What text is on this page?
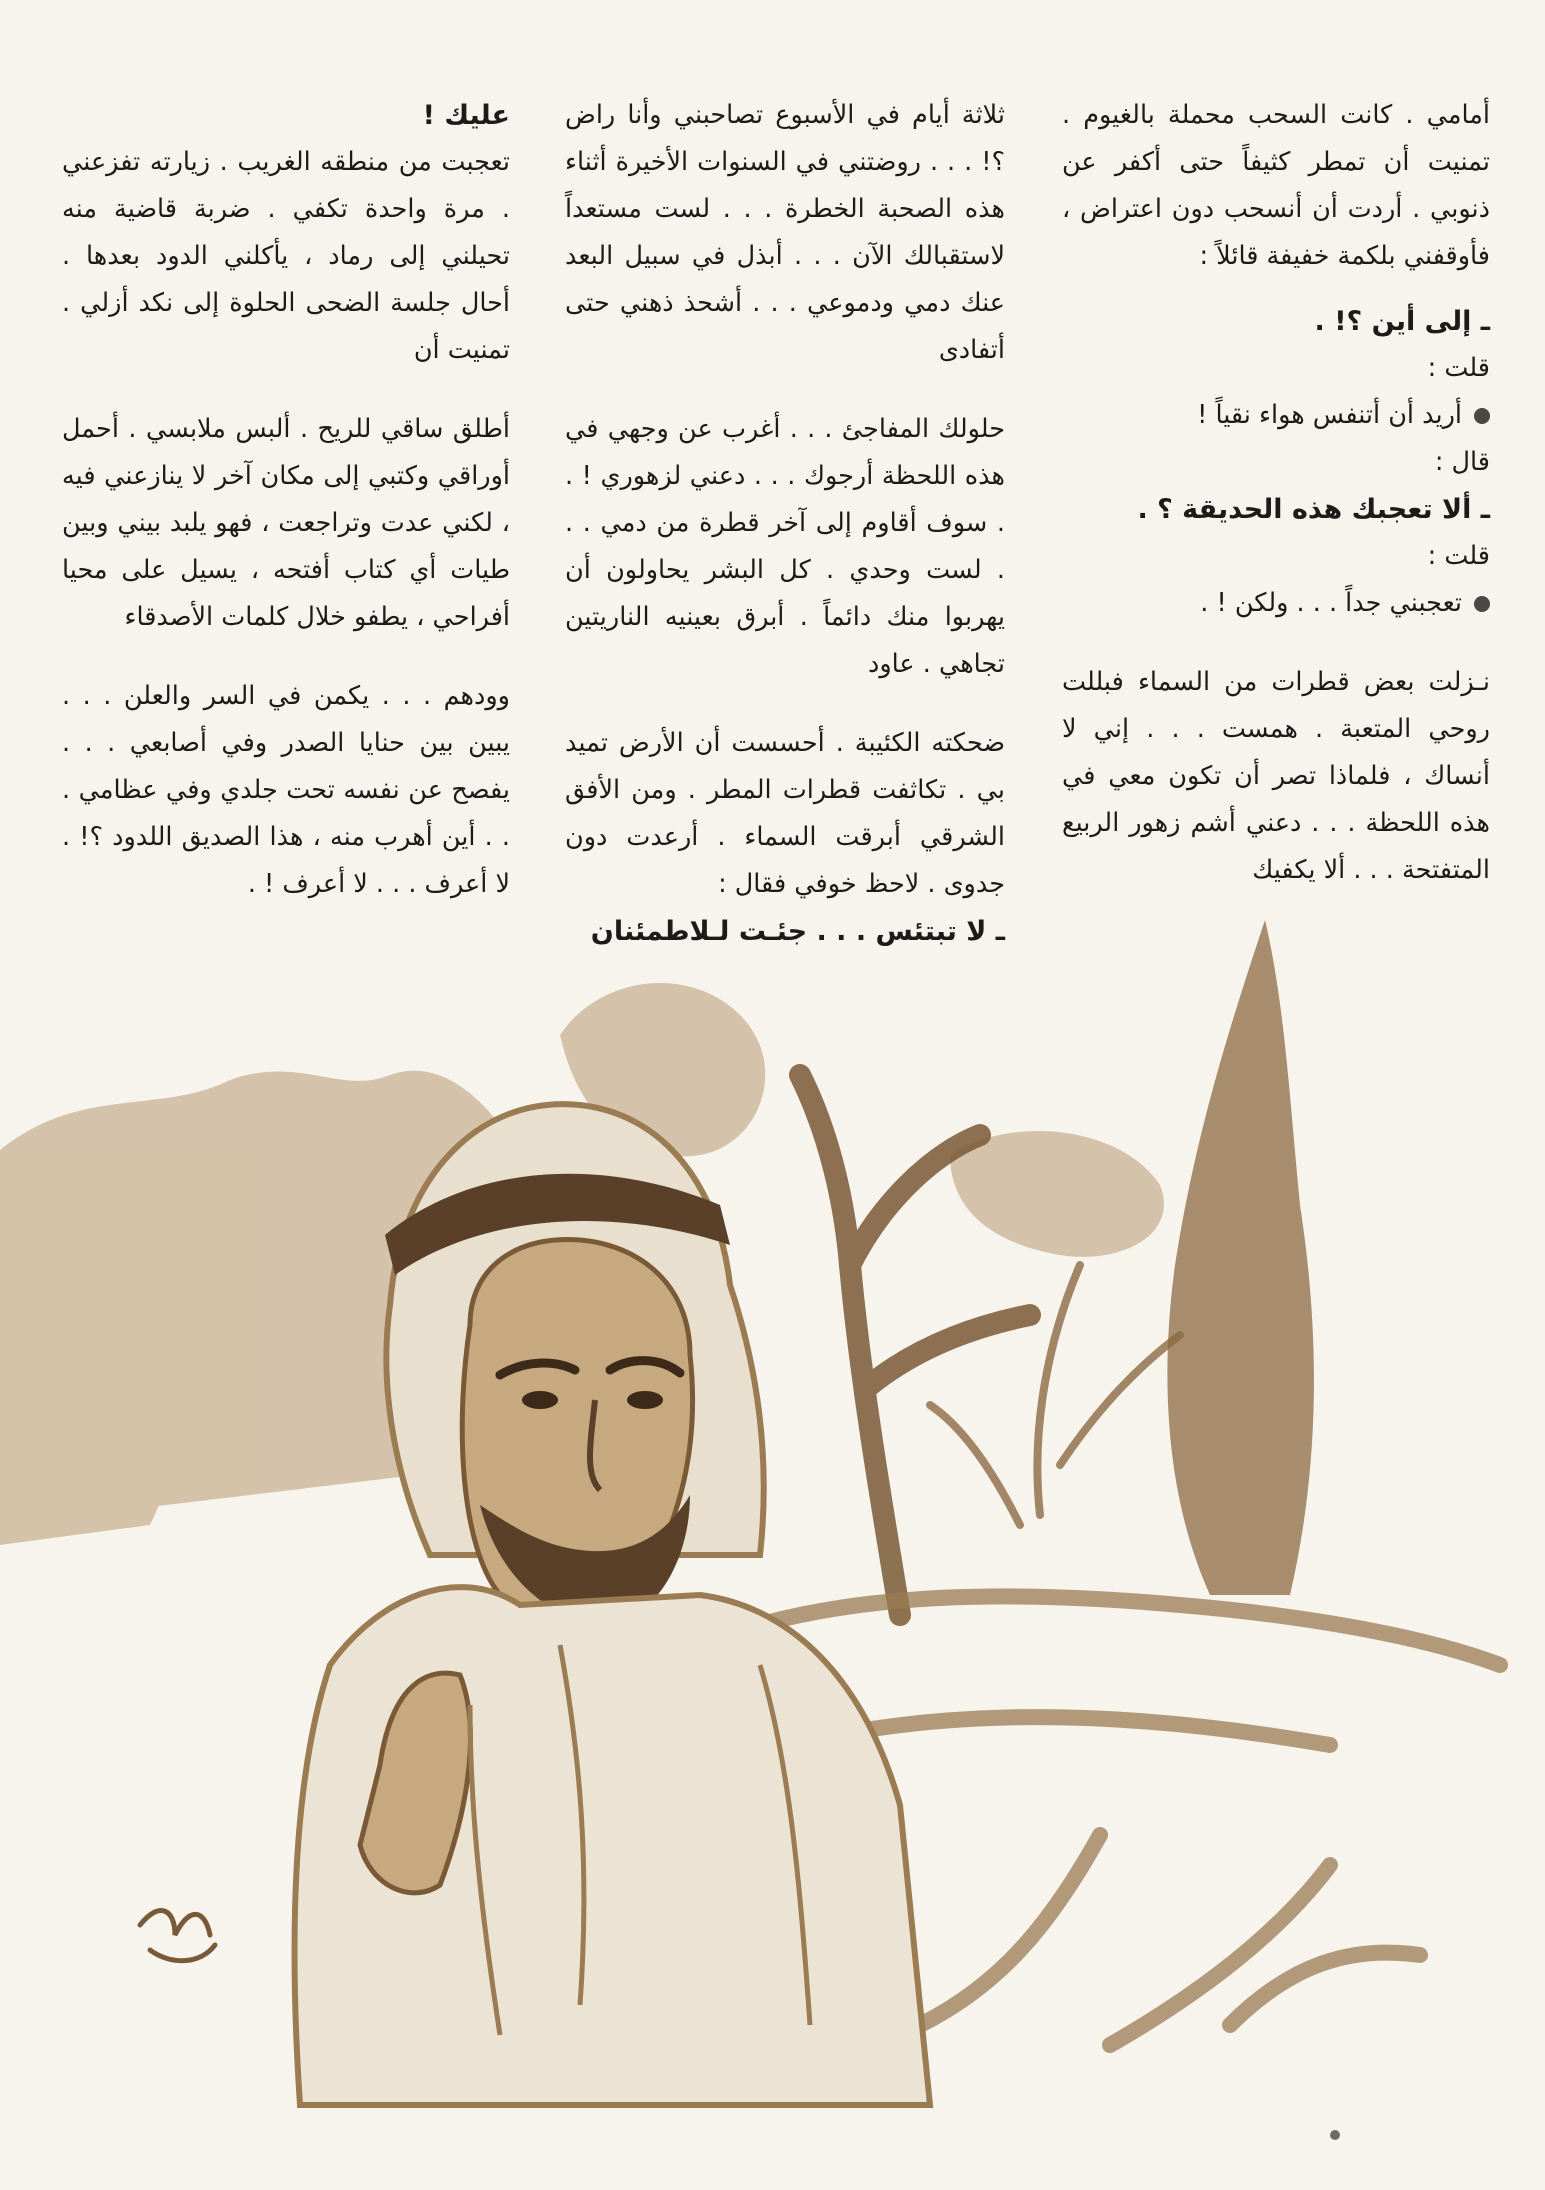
أمامي . كانت السحب محملة بالغيوم . تمنيت أن تمطر كثيفاً حتى أكفر عن ذنوبي . أردت أن أنسحب دون اعتراض ، فأوقفني بلكمة خفيفة قائلاً :

ـ إلى أين ؟! .

قلت :

أريد أن أتنفس هواء نقياً !

قال :

ـ ألا تعجبك هذه الحديقة ؟ .

قلت :

تعجبني جداً . . . ولكن ! .

نـزلت بعض قطرات من السماء فبللت روحي المتعبة . همست . . . إني لا أنساك ، فلماذا تصر أن تكون معي في هذه اللحظة . . . دعني أشم زهور الربيع المتفتحة . . . ألا يكفيك

ثلاثة أيام في الأسبوع تصاحبني وأنا راض ؟! . . . روضتني في السنوات الأخيرة أثناء هذه الصحبة الخطرة . . . لست مستعداً لاستقبالك الآن . . . أبذل في سبيل البعد عنك دمي ودموعي . . . أشحذ ذهني حتى أتفادى

حلولك المفاجئ . . . أغرب عن وجهي في هذه اللحظة أرجوك . . . دعني لزهوري ! . . سوف أقاوم إلى آخر قطرة من دمي . . . لست وحدي . كل البشر يحاولون أن يهربوا منك دائماً . أبرق بعينيه الناريتين تجاهي . عاود

ضحكته الكئيبة . أحسست أن الأرض تميد بي . تكاثفت قطرات المطر . ومن الأفق الشرقي أبرقت السماء . أرعدت دون جدوى . لاحظ خوفي فقال :

ـ لا تبتئس . . . جئـت لـلاطمئنان

عليك !

تعجبت من منطقه الغريب . زيارته تفزعني . مرة واحدة تكفي . ضربة قاضية منه تحيلني إلى رماد ، يأكلني الدود بعدها . أحال جلسة الضحى الحلوة إلى نكد أزلي . تمنيت أن

أطلق ساقي للريح . ألبس ملابسي . أحمل أوراقي وكتبي إلى مكان آخر لا ينازعني فيه ، لكني عدت وتراجعت ، فهو يلبد بيني وبين طيات أي كتاب أفتحه ، يسيل على محيا أفراحي ، يطفو خلال كلمات الأصدقاء

وودهم . . . يكمن في السر والعلن . . . يبين بين حنايا الصدر وفي أصابعي . . . يفصح عن نفسه تحت جلدي وفي عظامي . . . أين أهرب منه ، هذا الصديق اللدود ؟! . لا أعرف . . . لا أعرف ! .
